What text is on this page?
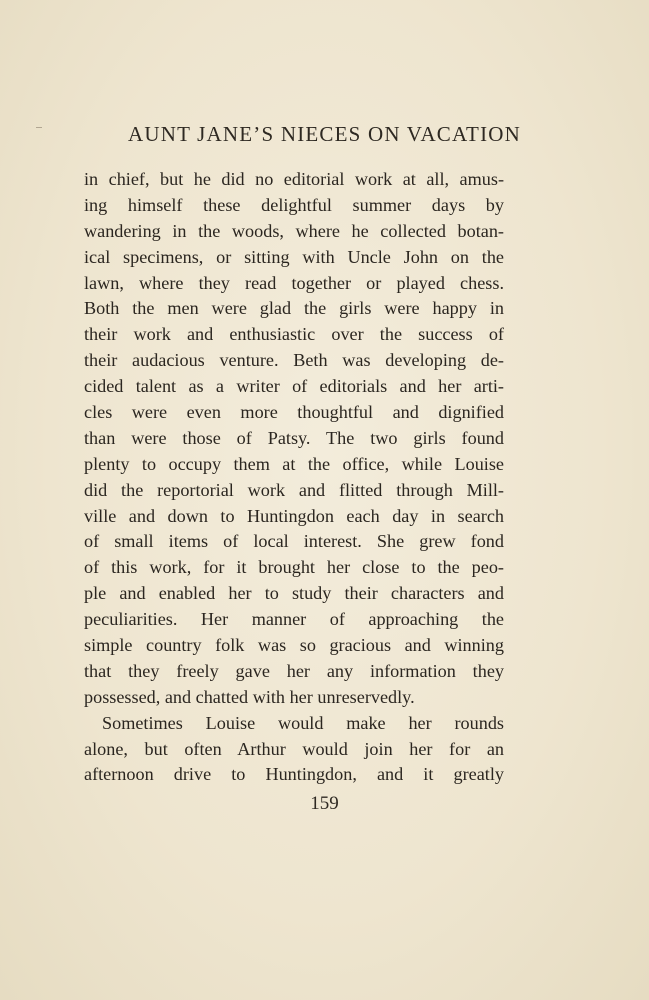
AUNT JANE’S NIECES ON VACATION
in chief, but he did no editorial work at all, amus-
ing himself these delightful summer days by
wandering in the woods, where he collected botan-
ical specimens, or sitting with Uncle John on the
lawn, where they read together or played chess.
Both the men were glad the girls were happy in
their work and enthusiastic over the success of
their audacious venture. Beth was developing de-
cided talent as a writer of editorials and her arti-
cles were even more thoughtful and dignified
than were those of Patsy. The two girls found
plenty to occupy them at the office, while Louise
did the reportorial work and flitted through Mill-
ville and down to Huntingdon each day in search
of small items of local interest. She grew fond
of this work, for it brought her close to the peo-
ple and enabled her to study their characters and
peculiarities. Her manner of approaching the
simple country folk was so gracious and winning
that they freely gave her any information they
possessed, and chatted with her unreservedly.
Sometimes Louise would make her rounds
alone, but often Arthur would join her for an
afternoon drive to Huntingdon, and it greatly
159
